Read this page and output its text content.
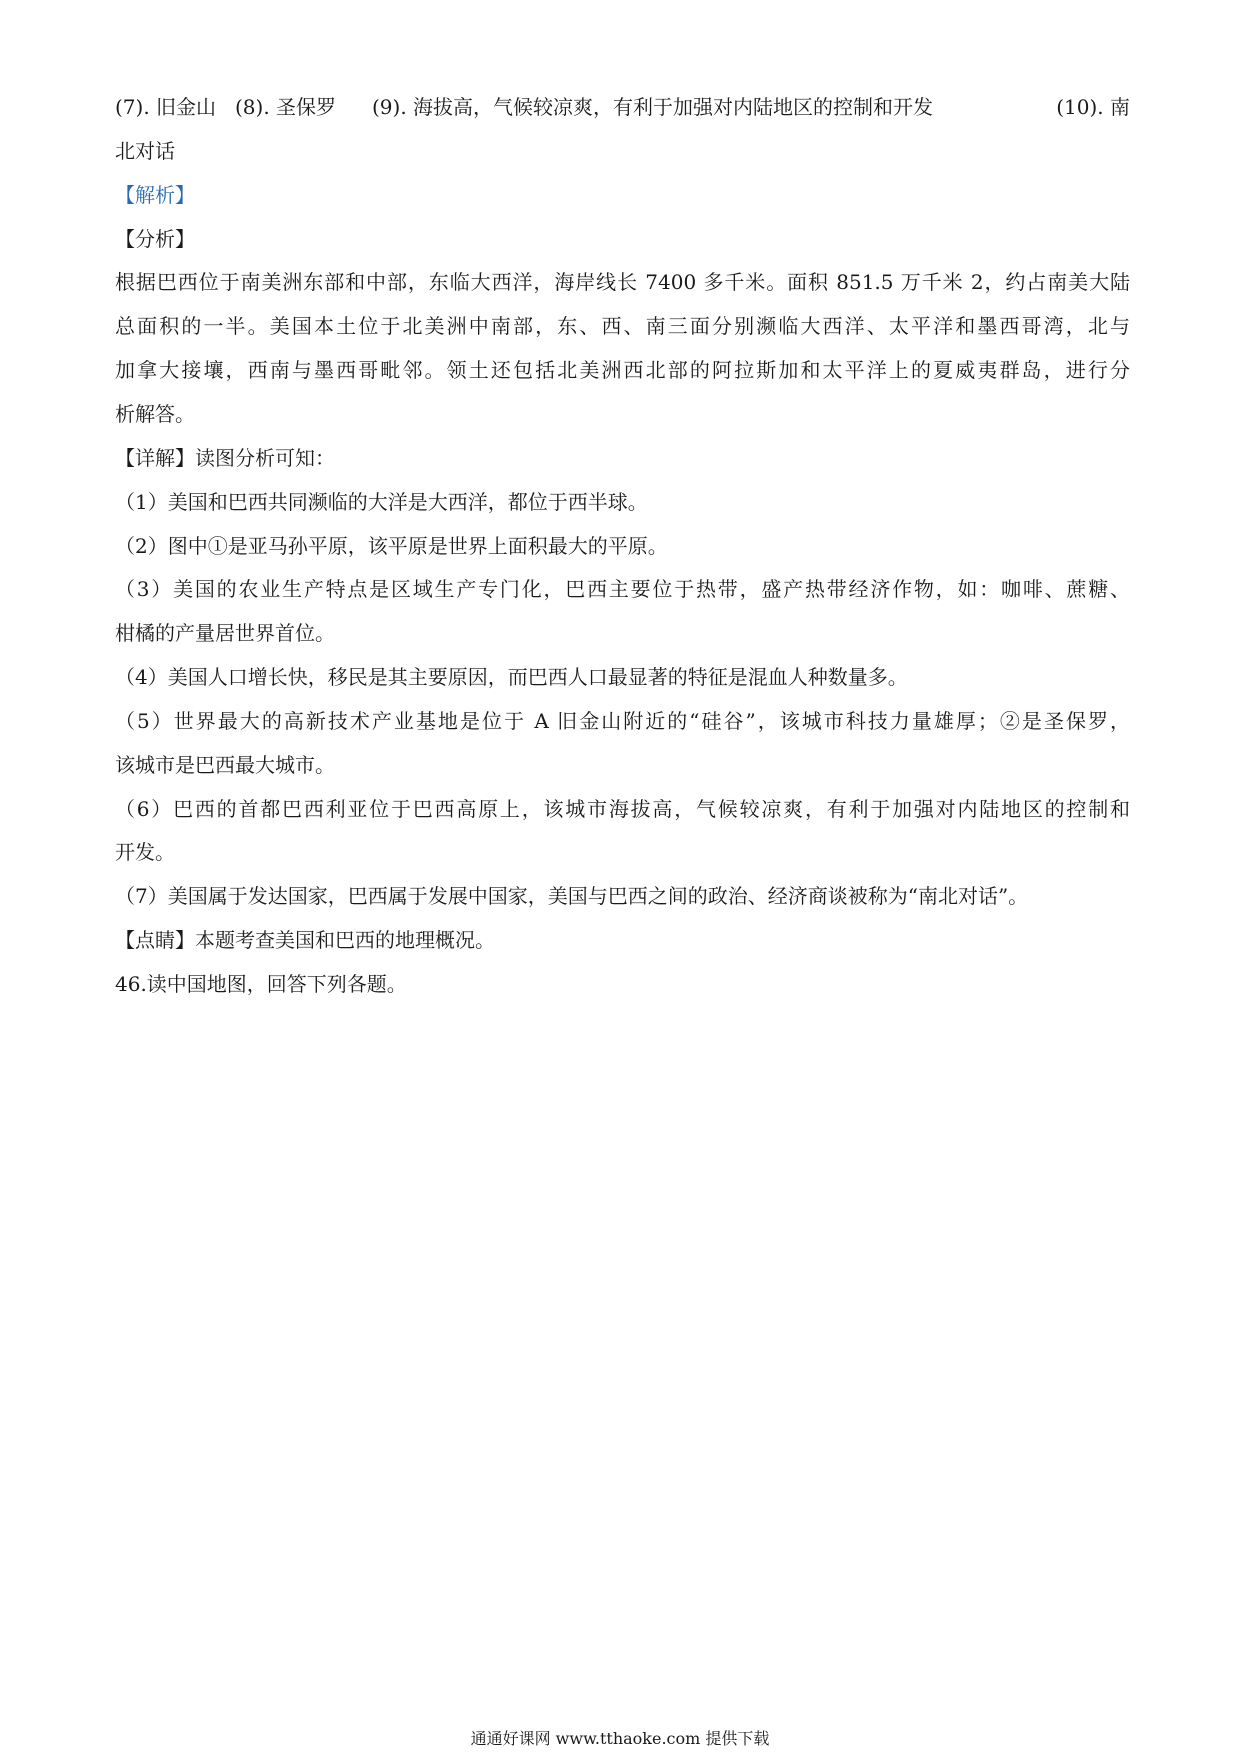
(7). 旧金山 (8). 圣保罗 (9). 海拔高，气候较凉爽，有利于加强对内陆地区的控制和开发	(10). 南
北对话
【解析】
【分析】
根据巴西位于南美洲东部和中部，东临大西洋，海岸线长 7400 多千米。面积 851.5 万千米 2，约占南美大陆
总面积的一半。美国本土位于北美洲中南部，东、西、南三面分别濒临大西洋、太平洋和墨西哥湾，北与
加拿大接壤，西南与墨西哥毗邻。领土还包括北美洲西北部的阿拉斯加和太平洋上的夏威夷群岛，进行分
析解答。
【详解】读图分析可知：
（1）美国和巴西共同濒临的大洋是大西洋，都位于西半球。
（2）图中①是亚马孙平原，该平原是世界上面积最大的平原。
（3）美国的农业生产特点是区域生产专门化，巴西主要位于热带，盛产热带经济作物，如：咖啡、蔗糖、
柑橘的产量居世界首位。
（4）美国人口增长快，移民是其主要原因，而巴西人口最显著的特征是混血人种数量多。
（5）世界最大的高新技术产业基地是位于 A 旧金山附近的“硅谷”，该城市科技力量雄厚；②是圣保罗，
该城市是巴西最大城市。
（6）巴西的首都巴西利亚位于巴西高原上，该城市海拔高，气候较凉爽，有利于加强对内陆地区的控制和
开发。
（7）美国属于发达国家，巴西属于发展中国家，美国与巴西之间的政治、经济商谈被称为“南北对话”。
【点睛】本题考查美国和巴西的地理概况。
46.读中国地图，回答下列各题。
通通好课网 www.tthaoke.com 提供下载
